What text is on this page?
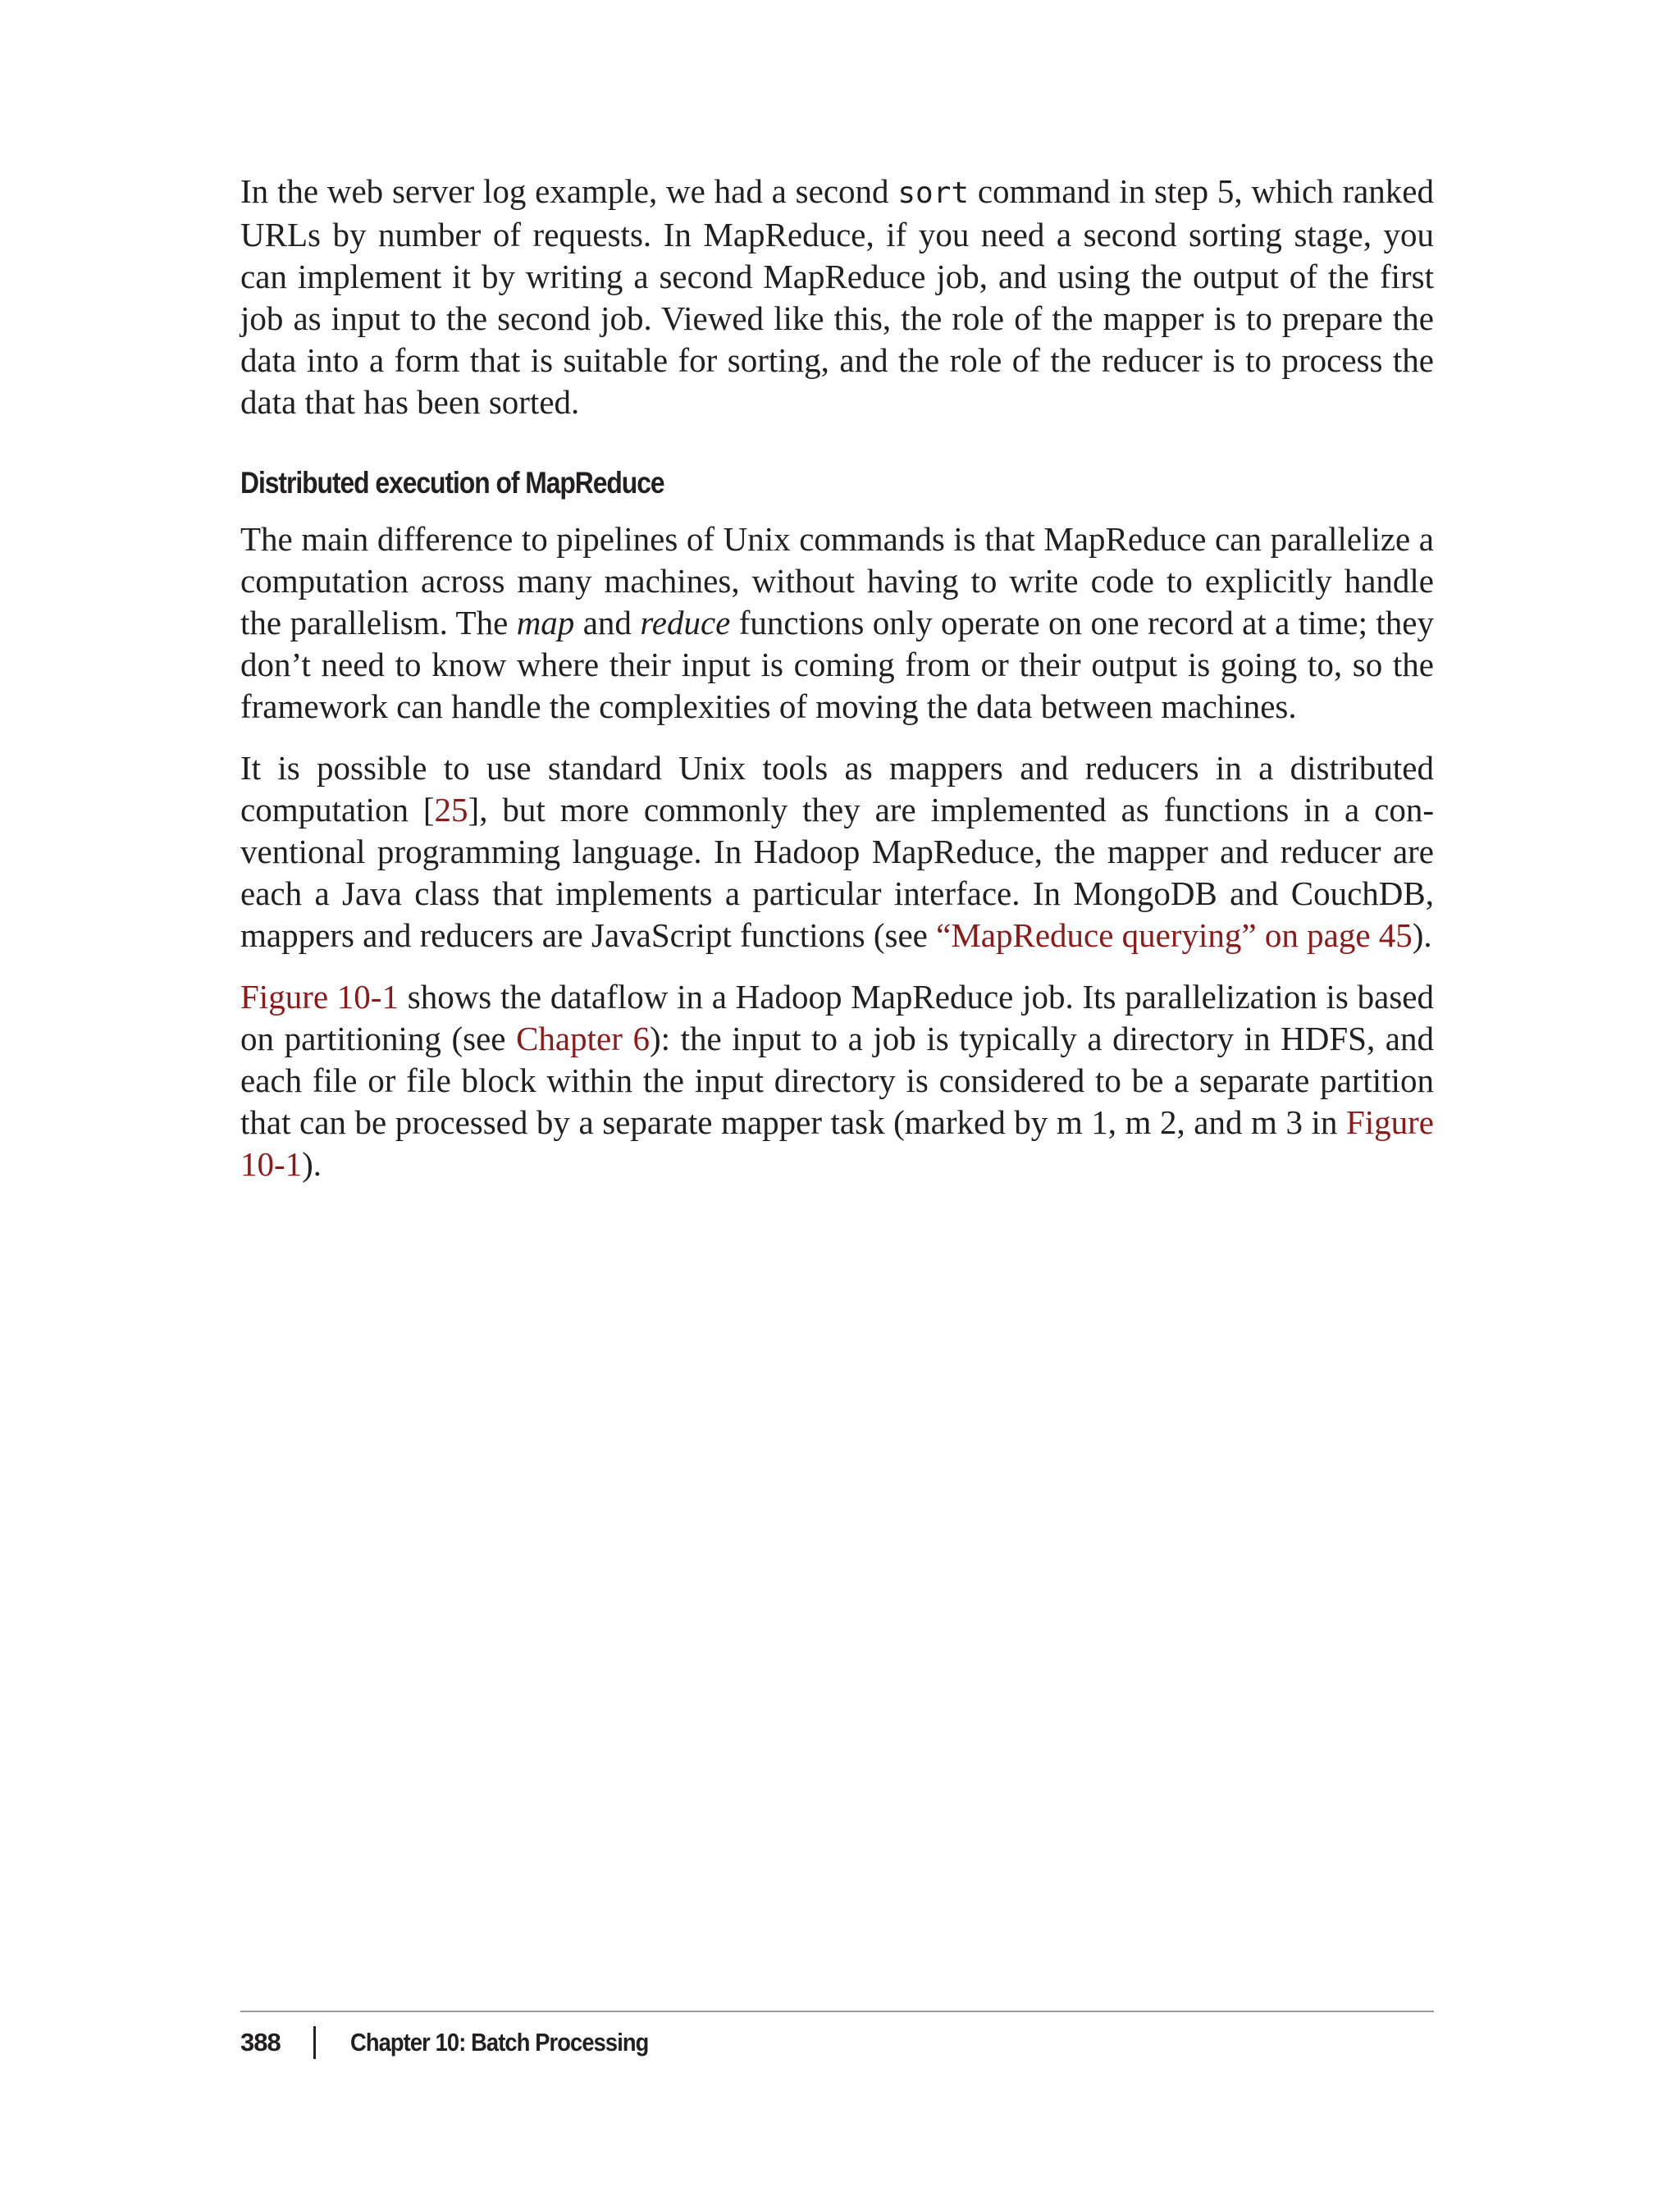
In the web server log example, we had a second sort command in step 5, which ranked URLs by number of requests. In MapReduce, if you need a second sorting stage, you can implement it by writing a second MapReduce job, and using the output of the first job as input to the second job. Viewed like this, the role of the mapper is to prepare the data into a form that is suitable for sorting, and the role of the reducer is to process the data that has been sorted.

Distributed execution of MapReduce

The main difference to pipelines of Unix commands is that MapReduce can parallelize a computation across many machines, without having to write code to explicitly handle the parallelism. The map and reduce functions only operate on one record at a time; they don’t need to know where their input is coming from or their output is going to, so the framework can handle the complexities of moving the data between machines.

It is possible to use standard Unix tools as mappers and reducers in a distributed computation [25], but more commonly they are implemented as functions in a conventional programming language. In Hadoop MapReduce, the mapper and reducer are each a Java class that implements a particular interface. In MongoDB and CouchDB, mappers and reducers are JavaScript functions (see “MapReduce querying” on page 45).

Figure 10-1 shows the dataflow in a Hadoop MapReduce job. Its parallelization is based on partitioning (see Chapter 6): the input to a job is typically a directory in HDFS, and each file or file block within the input directory is considered to be a separate partition that can be processed by a separate mapper task (marked by m 1, m 2, and m 3 in Figure 10-1).

388	Chapter 10: Batch Processing
